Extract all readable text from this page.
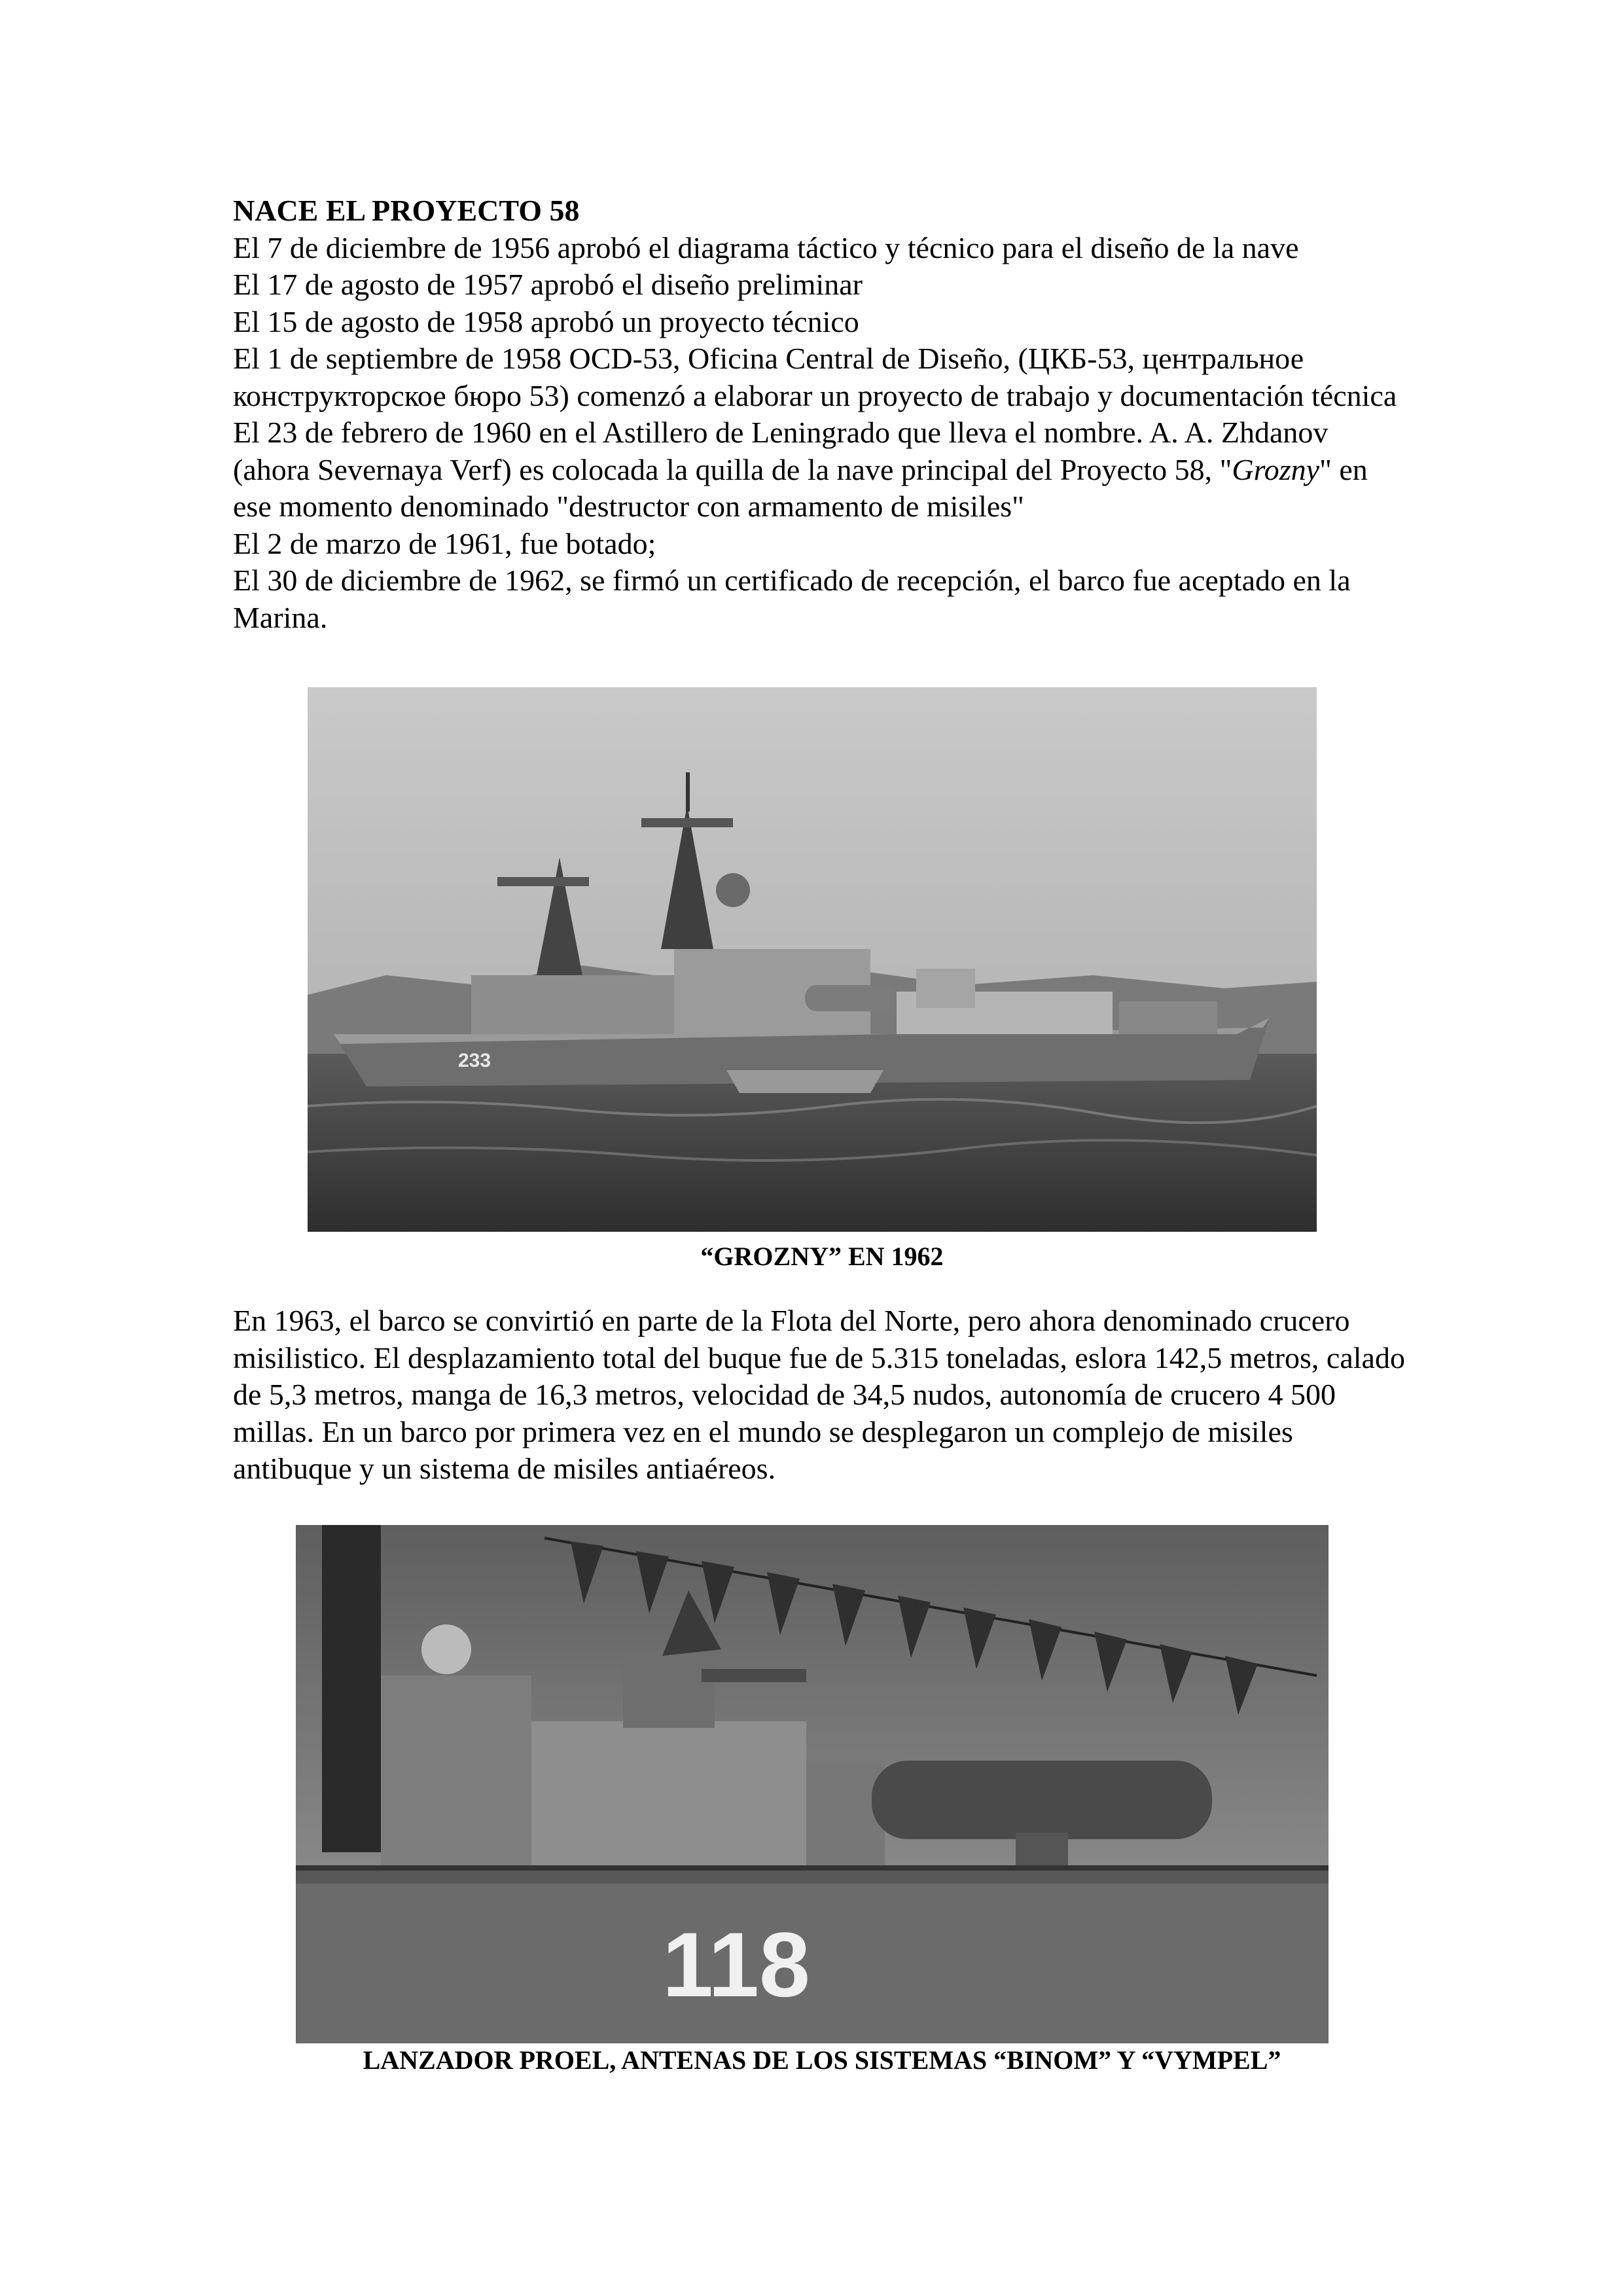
NACE EL PROYECTO 58

El 7 de diciembre de 1956 aprobó el diagrama táctico y técnico para el diseño de la nave

El 17 de agosto de 1957 aprobó el diseño preliminar

El 15 de agosto de 1958 aprobó un proyecto técnico

El 1 de septiembre de 1958 OCD-53, Oficina Central de Diseño, (ЦКБ-53, центральное конструкторское бюро 53) comenzó a elaborar un proyecto de trabajo y documentación técnica

El 23 de febrero de 1960 en el Astillero de Leningrado que lleva el nombre. A. A. Zhdanov (ahora Severnaya Verf) es colocada la quilla de la nave principal del Proyecto 58, "Grozny" en ese momento denominado "destructor con armamento de misiles"

El 2 de marzo de 1961, fue botado;

El 30 de diciembre de 1962, se firmó un certificado de recepción, el barco fue aceptado en la Marina.

233
“GROZNY” EN 1962

En 1963, el barco se convirtió en parte de la Flota del Norte, pero ahora denominado crucero misilistico. El desplazamiento total del buque fue de 5.315 toneladas, eslora 142,5 metros, calado de 5,3 metros, manga de 16,3 metros, velocidad de 34,5 nudos, autonomía de crucero 4 500 millas. En un barco por primera vez en el mundo se desplegaron un complejo de misiles antibuque y un sistema de misiles antiaéreos.

118
LANZADOR PROEL, ANTENAS DE LOS SISTEMAS “BINOM” Y “VYMPEL”
